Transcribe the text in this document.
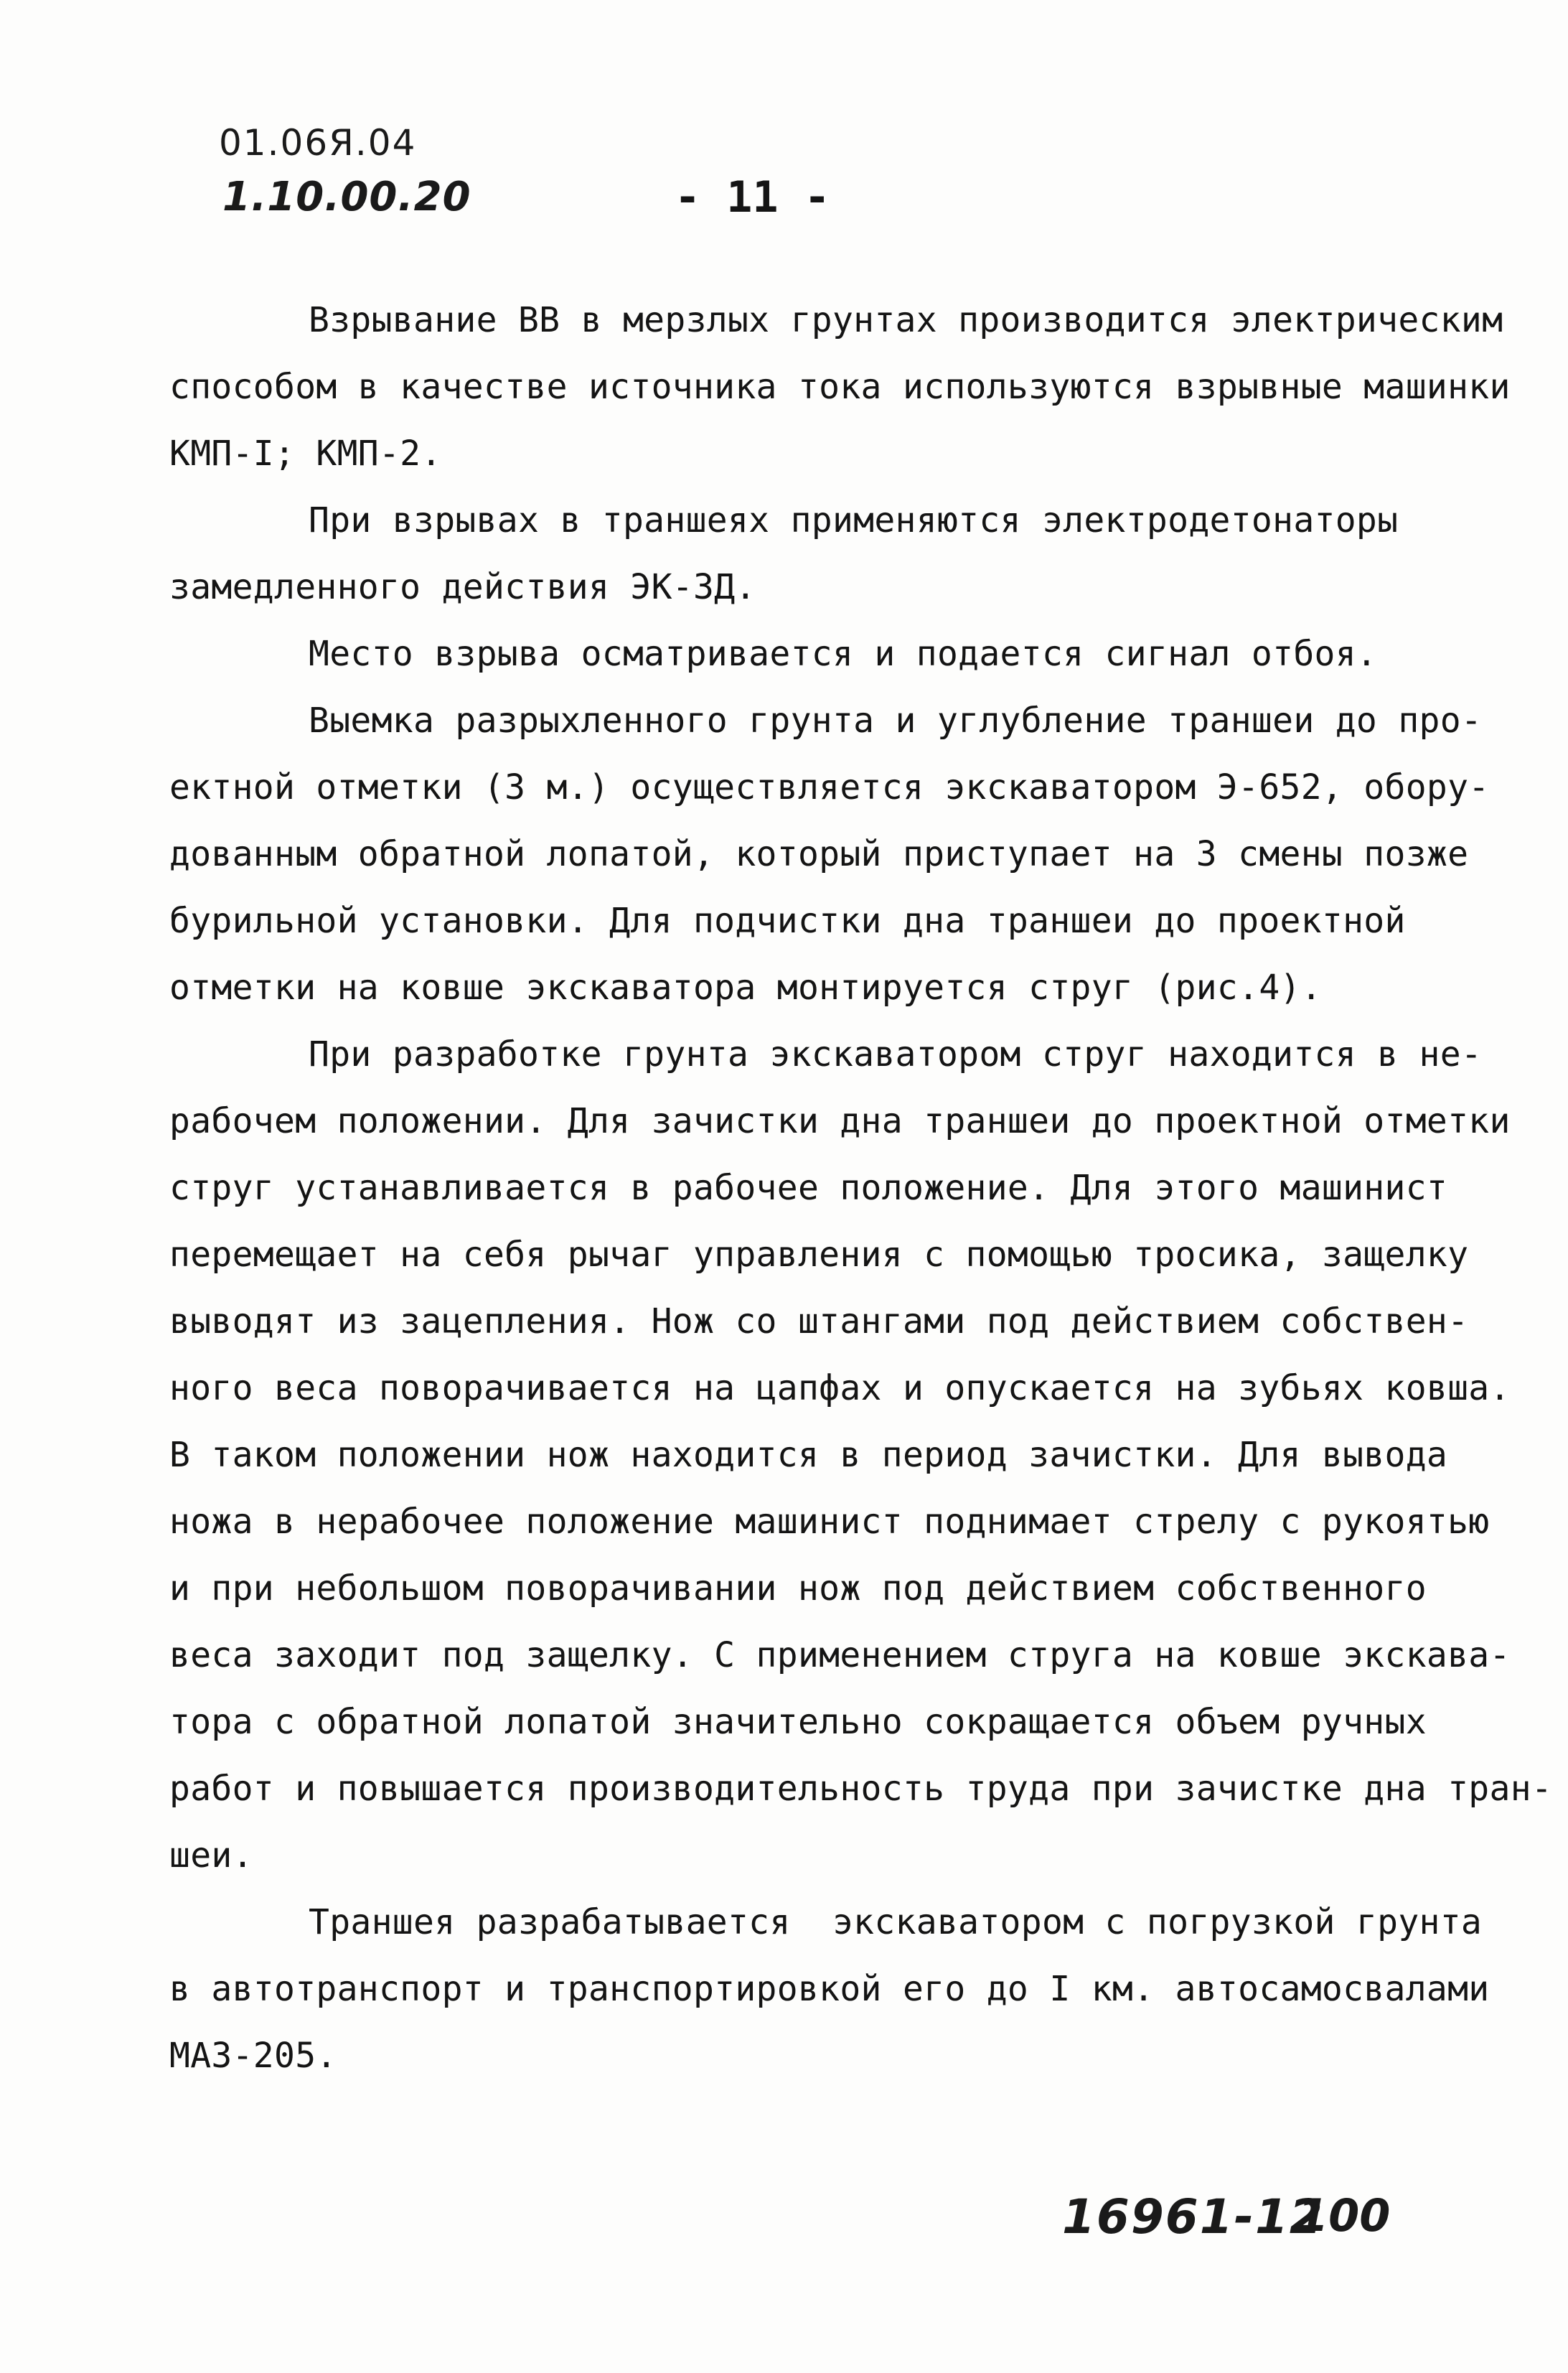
01.06Я.04
1.10.00.20	- 11 -
Взрывание ВВ в мерзлых грунтах производится электрическим
способом в качестве источника тока используются взрывные машинки
КМП-I; КМП-2.
При взрывах в траншеях применяются электродетонаторы
замедленного действия ЭК-ЗД.
Место взрыва осматривается и подается сигнал отбоя.
Выемка разрыхленного грунта и углубление траншеи до про-
ектной отметки (3 м.) осуществляется экскаватором Э-652, обору-
дованным обратной лопатой, который приступает на 3 смены позже
бурильной установки. Для подчистки дна траншеи до проектной
отметки на ковше экскаватора монтируется струг (рис.4).
При разработке грунта экскаватором струг находится в не-
рабочем положении. Для зачистки дна траншеи до проектной отметки
струг устанавливается в рабочее положение. Для этого машинист
перемещает на себя рычаг управления с помощью тросика, защелку
выводят из зацепления. Нож со штангами под действием собствен-
ного веса поворачивается на цапфах и опускается на зубьях ковша.
В таком положении нож находится в период зачистки. Для вывода
ножа в нерабочее положение машинист поднимает стрелу с рукоятью
и при небольшом поворачивании нож под действием собственного
веса заходит под защелку. С применением струга на ковше экскава-
тора с обратной лопатой значительно сокращается объем ручных
работ и повышается производительность труда при зачистке дна тран-
шеи.
Траншея разрабатывается  экскаватором с погрузкой грунта
в автотранспорт и транспортировкой его до I км. автосамосвалами
МАЗ-205.
16961-12
100
